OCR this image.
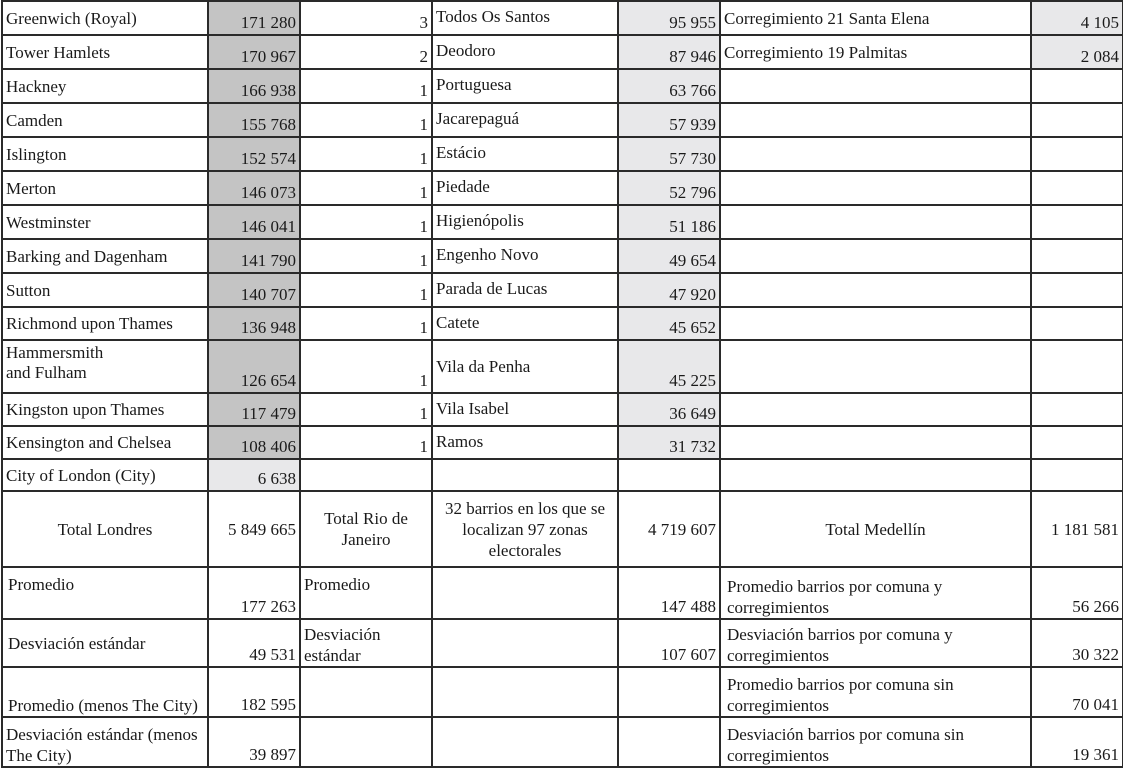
Greenwich (Royal)	171 280	3	Todos Os Santos	95 955	Corregimiento 21 Santa Elena	4 105
Tower Hamlets	170 967	2	Deodoro	87 946	Corregimiento 19 Palmitas	2 084
Hackney	166 938	1	Portuguesa	63 766		
Camden	155 768	1	Jacarepaguá	57 939		
Islington	152 574	1	Estácio	57 730		
Merton	146 073	1	Piedade	52 796		
Westminster	146 041	1	Higienópolis	51 186		
Barking and Dagenham	141 790	1	Engenho Novo	49 654		
Sutton	140 707	1	Parada de Lucas	47 920		
Richmond upon Thames	136 948	1	Catete	45 652		

Hammersmith
and Fulham	126 654	1	Vila da Penha	45 225		
Kingston upon Thames	117 479	1	Vila Isabel	36 649		
Kensington and Chelsea	108 406	1	Ramos	31 732		
City of London (City)	6 638					
Total Londres	5 849 665	Total Rio de Janeiro	32 barrios en los que se localizan 97 zonas electorales	4 719 607	Total Medellín	1 181 581
Promedio	177 263	Promedio		147 488	Promedio barrios por comuna y corregimientos	56 266
Desviación estándar	49 531	Desviación estándar		107 607	Desviación barrios por comuna y corregimientos	30 322
Promedio (menos The City)	182 595				Promedio barrios por comuna sin corregimientos	70 041
Desviación estándar (menos The City)	39 897				Desviación barrios por comuna sin corregimientos	19 361
